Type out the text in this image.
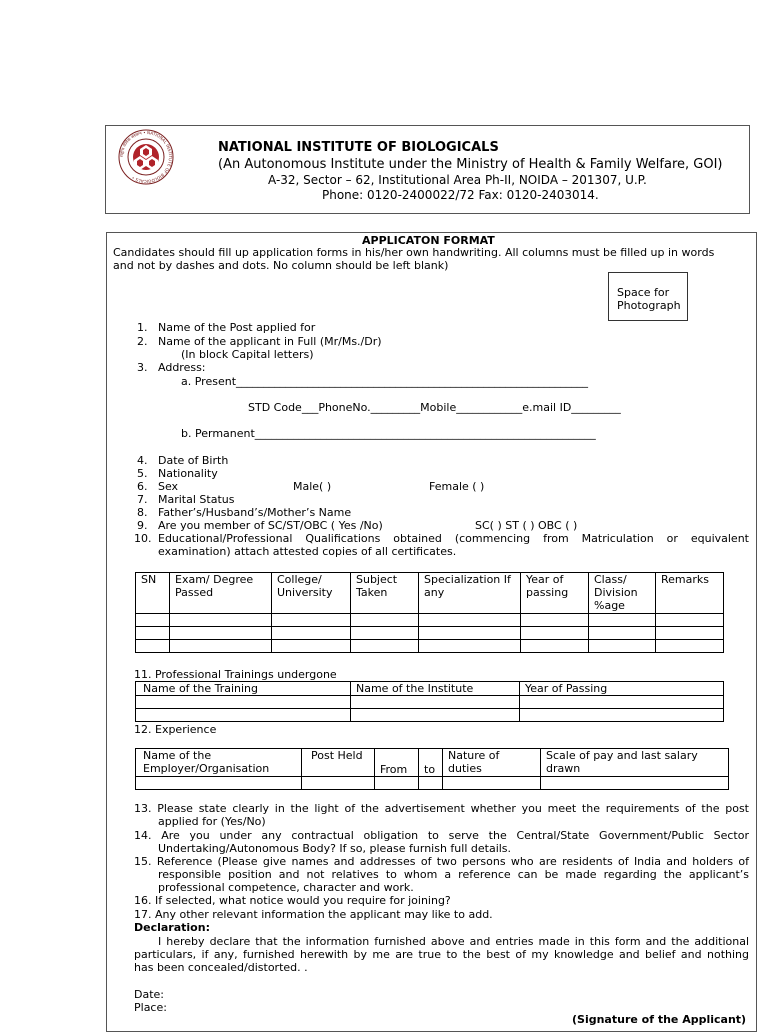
राष्ट्रीय जैविक संस्थान • NATIONAL INSTITUTE OF BIOLOGICALS •
NATIONAL INSTITUTE OF BIOLOGICALS
(An Autonomous Institute under the Ministry of Health & Family Welfare, GOI)
A-32, Sector – 62, Institutional Area Ph-II, NOIDA – 201307, U.P.
Phone: 0120-2400022/72 Fax: 0120-2403014.
APPLICATON FORMAT
Candidates should fill up application forms in his/her own handwriting. All columns must be filled up in words
and not by dashes and dots. No column should be left blank)
Space for
Photograph
1. Name of the Post applied for
2. Name of the applicant in Full (Mr/Ms./Dr)
(In block Capital letters)
3. Address:
a. Present________________________________________________________________
STD Code___PhoneNo._________Mobile____________e.mail ID_________
b. Permanent______________________________________________________________
4. Date of Birth
5. Nationality
6. Sex	Male( )	Female ( )
7. Marital Status
8. Father’s/Husband’s/Mother’s Name
9. Are you member of SC/ST/OBC ( Yes /No)	SC( ) ST ( ) OBC ( )
10. Educational/Professional Qualifications obtained (commencing from Matriculation or equivalent
examination) attach attested copies of all certificates.
SN	Exam/ Degree Passed	College/ University	Subject Taken	Specialization If any	Year of passing	Class/ Division %age	Remarks

11. Professional Trainings undergone
Name of the Training	Name of the Institute	Year of Passing

12. Experience
Name of the Employer/Organisation	Post Held	From	to	Nature of duties	Scale of pay and last salary drawn

13. Please state clearly in the light of the advertisement whether you meet the requirements of the post
applied for (Yes/No)
14. Are you under any contractual obligation to serve the Central/State Government/Public Sector
Undertaking/Autonomous Body? If so, please furnish full details.
15. Reference (Please give names and addresses of two persons who are residents of India and holders of
responsible position and not relatives to whom a reference can be made regarding the applicant’s
professional competence, character and work.
16. If selected, what notice would you require for joining?
17. Any other relevant information the applicant may like to add.
Declaration:
I hereby declare that the information furnished above and entries made in this form and the additional
particulars, if any, furnished herewith by me are true to the best of my knowledge and belief and nothing
has been concealed/distorted. .
Date:
Place:
(Signature of the Applicant)
